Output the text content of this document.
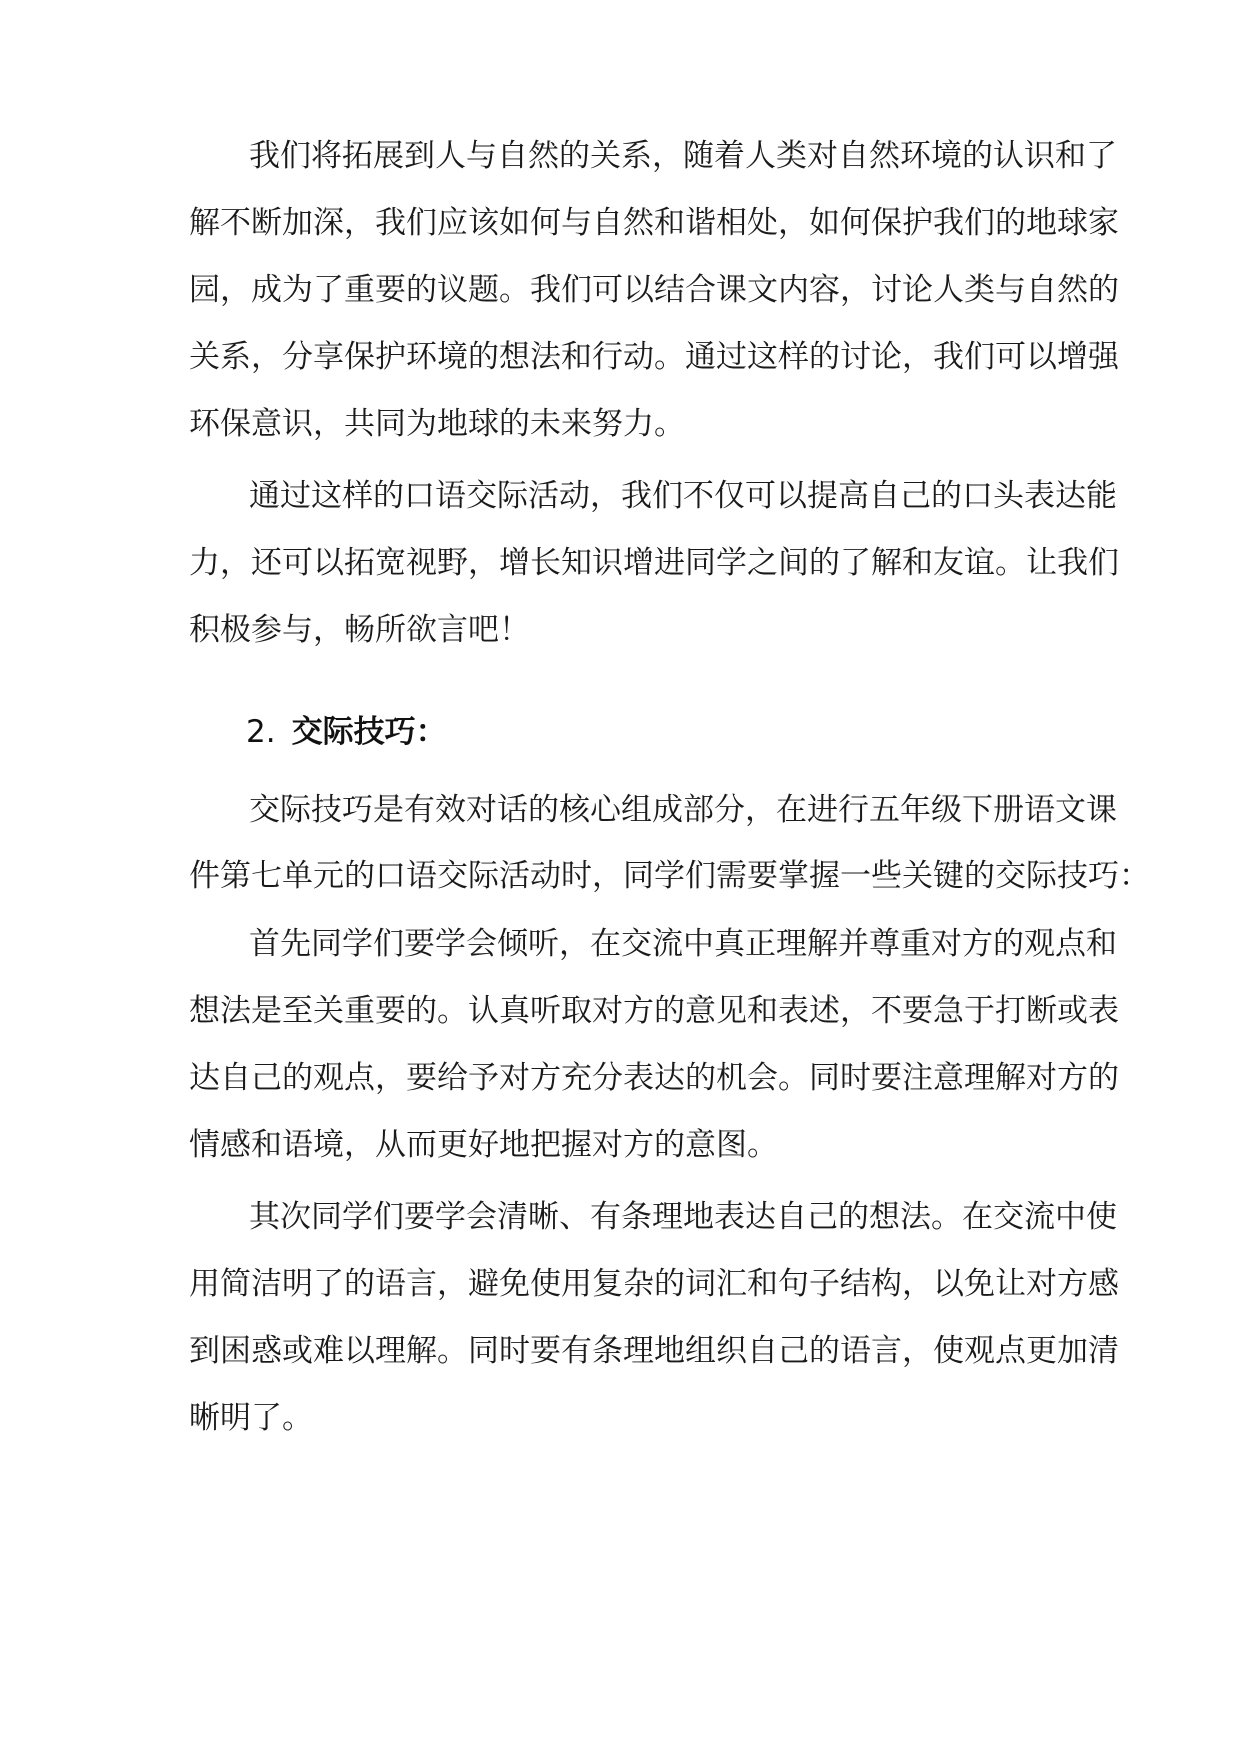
我们将拓展到人与自然的关系，随着人类对自然环境的认识和了
解不断加深，我们应该如何与自然和谐相处，如何保护我们的地球家
园，成为了重要的议题。我们可以结合课文内容，讨论人类与自然的
关系，分享保护环境的想法和行动。通过这样的讨论，我们可以增强
环保意识，共同为地球的未来努力。
通过这样的口语交际活动，我们不仅可以提高自己的口头表达能
力，还可以拓宽视野，增长知识增进同学之间的了解和友谊。让我们
积极参与，畅所欲言吧！
2. 交际技巧：
交际技巧是有效对话的核心组成部分，在进行五年级下册语文课
件第七单元的口语交际活动时，同学们需要掌握一些关键的交际技巧：
首先同学们要学会倾听，在交流中真正理解并尊重对方的观点和
想法是至关重要的。认真听取对方的意见和表述，不要急于打断或表
达自己的观点，要给予对方充分表达的机会。同时要注意理解对方的
情感和语境，从而更好地把握对方的意图。
其次同学们要学会清晰、有条理地表达自己的想法。在交流中使
用简洁明了的语言，避免使用复杂的词汇和句子结构，以免让对方感
到困惑或难以理解。同时要有条理地组织自己的语言，使观点更加清
晰明了。
